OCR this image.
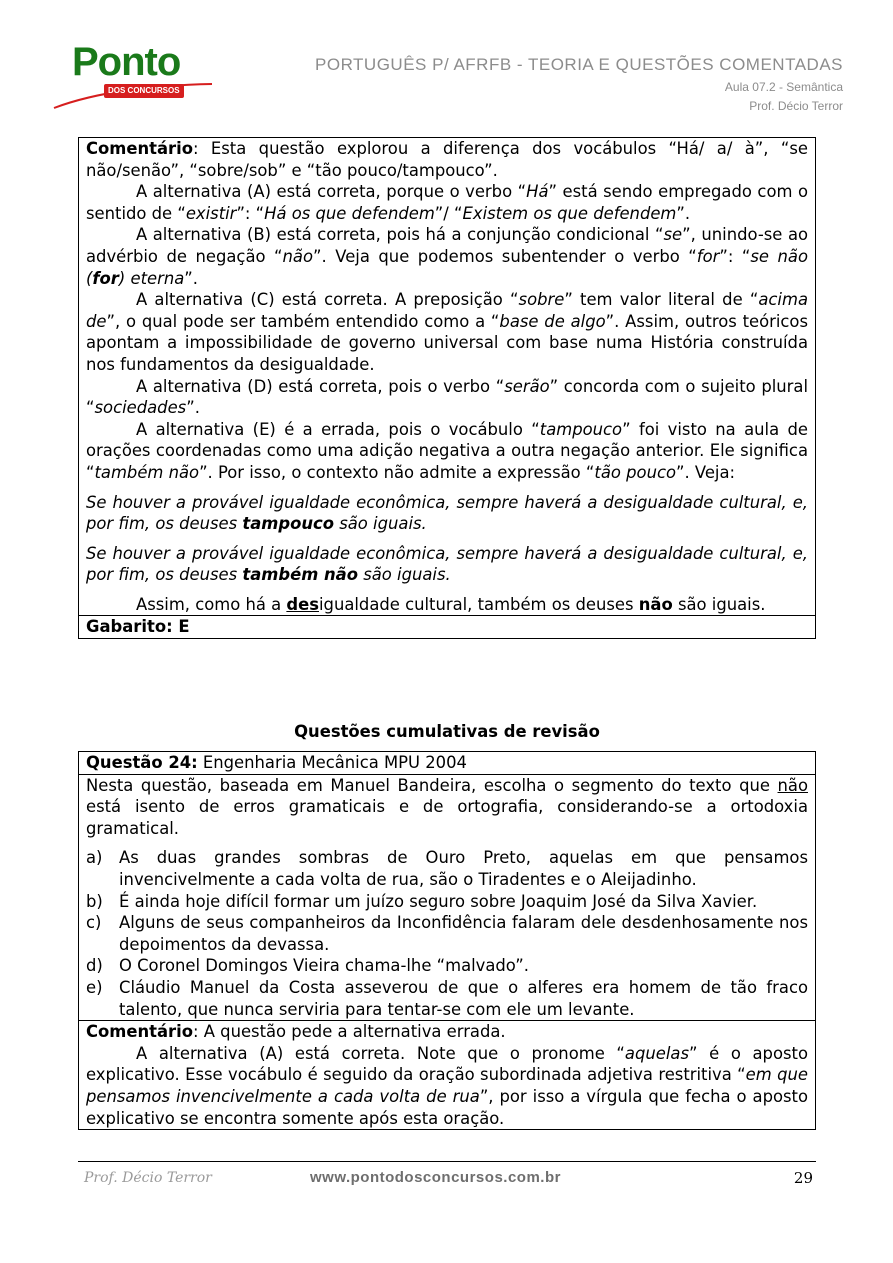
Ponto
DOS CONCURSOS
PORTUGUÊS P/ AFRFB - TEORIA E QUESTÕES COMENTADAS
Aula 07.2 - Semântica
Prof. Décio Terror

Comentário: Esta questão explorou a diferença dos vocábulos “Há/ a/ à”, “se não/senão”, “sobre/sob” e “tão pouco/tampouco”.

A alternativa (A) está correta, porque o verbo “Há” está sendo empregado com o sentido de “existir”: “Há os que defendem”/ “Existem os que defendem”.

A alternativa (B) está correta, pois há a conjunção condicional “se”, unindo-se ao advérbio de negação “não”. Veja que podemos subentender o verbo “for”: “se não (for) eterna”.

A alternativa (C) está correta. A preposição “sobre” tem valor literal de “acima de”, o qual pode ser também entendido como a “base de algo”. Assim, outros teóricos apontam a impossibilidade de governo universal com base numa História construída nos fundamentos da desigualdade.

A alternativa (D) está correta, pois o verbo “serão” concorda com o sujeito plural “sociedades”.

A alternativa (E) é a errada, pois o vocábulo “tampouco” foi visto na aula de orações coordenadas como uma adição negativa a outra negação anterior. Ele significa “também não”. Por isso, o contexto não admite a expressão “tão pouco”. Veja:

Se houver a provável igualdade econômica, sempre haverá a desigualdade cultural, e, por fim, os deuses tampouco são iguais.

Se houver a provável igualdade econômica, sempre haverá a desigualdade cultural, e, por fim, os deuses também não são iguais.

Assim, como há a desigualdade cultural, também os deuses não são iguais.

Gabarito: E

Questões cumulativas de revisão

Questão 24: Engenharia Mecânica MPU 2004

Nesta questão, baseada em Manuel Bandeira, escolha o segmento do texto que não está isento de erros gramaticais e de ortografia, considerando-se a ortodoxia gramatical.

a)	As duas grandes sombras de Ouro Preto, aquelas em que pensamos invencivelmente a cada volta de rua, são o Tiradentes e o Aleijadinho.
b) É ainda hoje difícil formar um juízo seguro sobre Joaquim José da Silva Xavier.
c)	Alguns de seus companheiros da Inconfidência falaram dele desdenhosamente nos depoimentos da devassa.
d) O Coronel Domingos Vieira chama-lhe “malvado”.
e)	Cláudio Manuel da Costa asseverou de que o alferes era homem de tão fraco talento, que nunca serviria para tentar-se com ele um levante.

Comentário: A questão pede a alternativa errada.

A alternativa (A) está correta. Note que o pronome “aquelas” é o aposto explicativo. Esse vocábulo é seguido da oração subordinada adjetiva restritiva “em que pensamos invencivelmente a cada volta de rua”, por isso a vírgula que fecha o aposto explicativo se encontra somente após esta oração.

Prof. Décio Terror	www.pontodosconcursos.com.br	29
